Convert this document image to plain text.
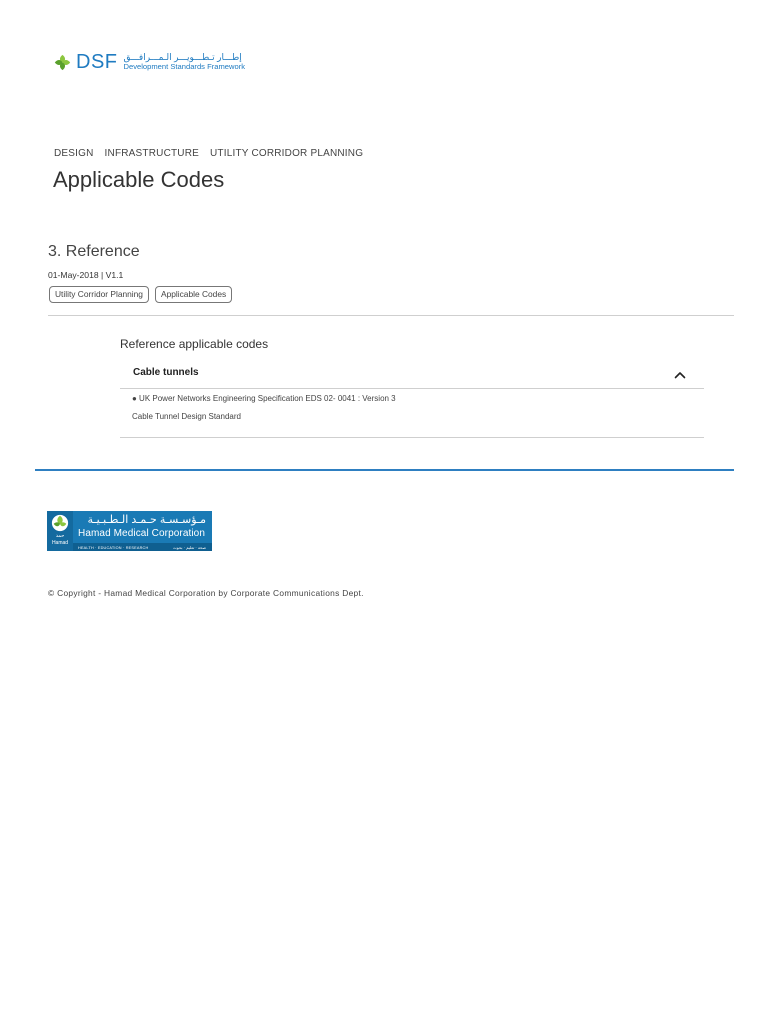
DSF إطـــار تـطـــويـــر الـمـــرافـــق
Development Standards Framework
DESIGN INFRASTRUCTURE UTILITY CORRIDOR PLANNING
Applicable Codes
3. Reference
01-May-2018 | V1.1
Utility Corridor Planning	Applicable Codes
Reference applicable codes
Cable tunnels
● UK Power Networks Engineering Specification EDS 02- 0041 : Version 3
Cable Tunnel Design Standard
حمد
Hamad
مـؤسـسـة حـمـد الـطـبـيـة
Hamad Medical Corporation
HEALTH · EDUCATION · RESEARCH	صحة · تعليم · بحوث
© Copyright - Hamad Medical Corporation by Corporate Communications Dept.
